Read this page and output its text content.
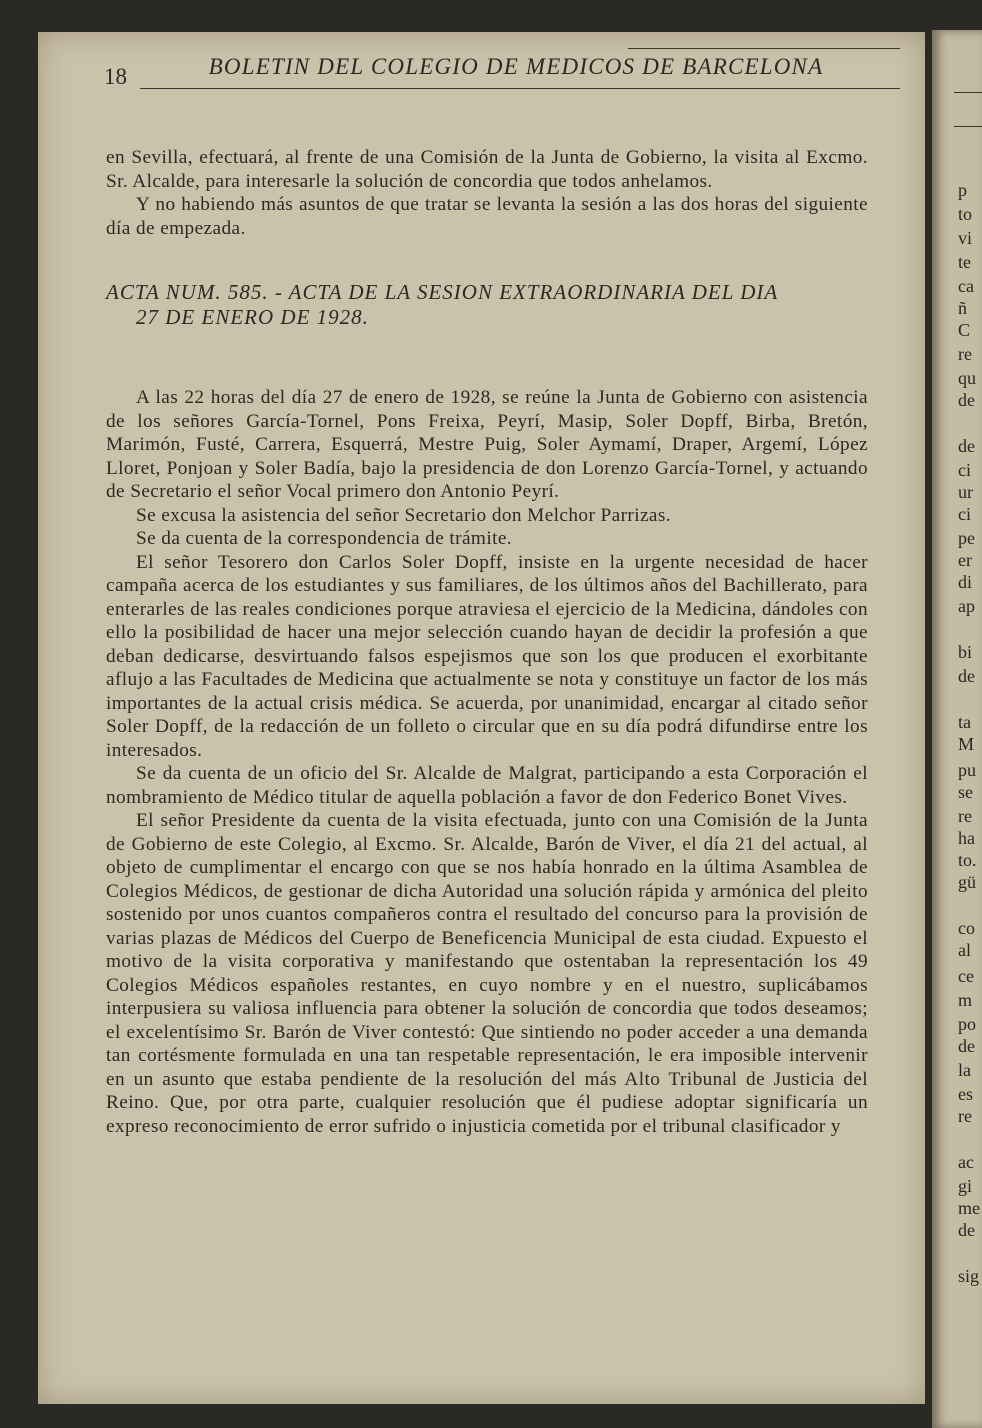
p
to
vi
te
ca
ñ
C
re
qu
de
de
ci
ur
ci
pe
er
di
ap
bi
de
ta
M
pu
se
re
ha
to.
gü
co
al
ce
m
po
de
la
es
re
ac
gi
me
de
sig
18	BOLETIN DEL COLEGIO DE MEDICOS DE BARCELONA

en Sevilla, efectuará, al frente de una Comisión de la Junta de Gobierno, la visita al Excmo. Sr. Alcalde, para interesarle la solución de concordia que todos anhelamos.

Y no habiendo más asuntos de que tratar se levanta la sesión a las dos horas del siguiente día de empezada.

ACTA NUM. 585. - ACTA DE LA SESION EXTRAORDINARIA DEL DIA
27 DE ENERO DE 1928.

A las 22 horas del día 27 de enero de 1928, se reúne la Junta de Gobierno con asistencia de los señores García-Tornel, Pons Freixa, Peyrí, Masip, Soler Dopff, Birba, Bretón, Marimón, Fusté, Carrera, Esquerrá, Mestre Puig, Soler Aymamí, Draper, Argemí, López Lloret, Ponjoan y Soler Badía, bajo la presidencia de don Lorenzo García-Tornel, y actuando de Secretario el señor Vocal primero don Antonio Peyrí.

Se excusa la asistencia del señor Secretario don Melchor Parrizas.

Se da cuenta de la correspondencia de trámite.

El señor Tesorero don Carlos Soler Dopff, insiste en la urgente necesidad de hacer campaña acerca de los estudiantes y sus familiares, de los últimos años del Bachillerato, para enterarles de las reales condiciones porque atraviesa el ejercicio de la Medicina, dándoles con ello la posibilidad de hacer una mejor selección cuando hayan de decidir la profesión a que deban dedicarse, desvirtuando falsos espejismos que son los que producen el exorbitante aflujo a las Facultades de Medicina que actualmente se nota y constituye un factor de los más importantes de la actual crisis médica. Se acuerda, por unanimidad, encargar al citado señor Soler Dopff, de la redacción de un folleto o circular que en su día podrá difundirse entre los interesados.

Se da cuenta de un oficio del Sr. Alcalde de Malgrat, participando a esta Corporación el nombramiento de Médico titular de aquella población a favor de don Federico Bonet Vives.

El señor Presidente da cuenta de la visita efectuada, junto con una Comisión de la Junta de Gobierno de este Colegio, al Excmo. Sr. Alcalde, Barón de Viver, el día 21 del actual, al objeto de cumplimentar el encargo con que se nos había honrado en la última Asamblea de Colegios Médicos, de gestionar de dicha Autoridad una solución rápida y armónica del pleito sostenido por unos cuantos compañeros contra el resultado del concurso para la provisión de varias plazas de Médicos del Cuerpo de Beneficencia Municipal de esta ciudad. Expuesto el motivo de la visita corporativa y manifestando que ostentaban la representación los 49 Colegios Médicos españoles restantes, en cuyo nombre y en el nuestro, suplicábamos interpusiera su valiosa influencia para obtener la solución de concordia que todos deseamos; el excelentísimo Sr. Barón de Viver contestó: Que sintiendo no poder acceder a una demanda tan cortésmente formulada en una tan respetable representación, le era imposible intervenir en un asunto que estaba pendiente de la resolución del más Alto Tribunal de Justicia del Reino. Que, por otra parte, cualquier resolución que él pudiese adoptar significaría un expreso reconocimiento de error sufrido o injusticia cometida por el tribunal clasificador y
